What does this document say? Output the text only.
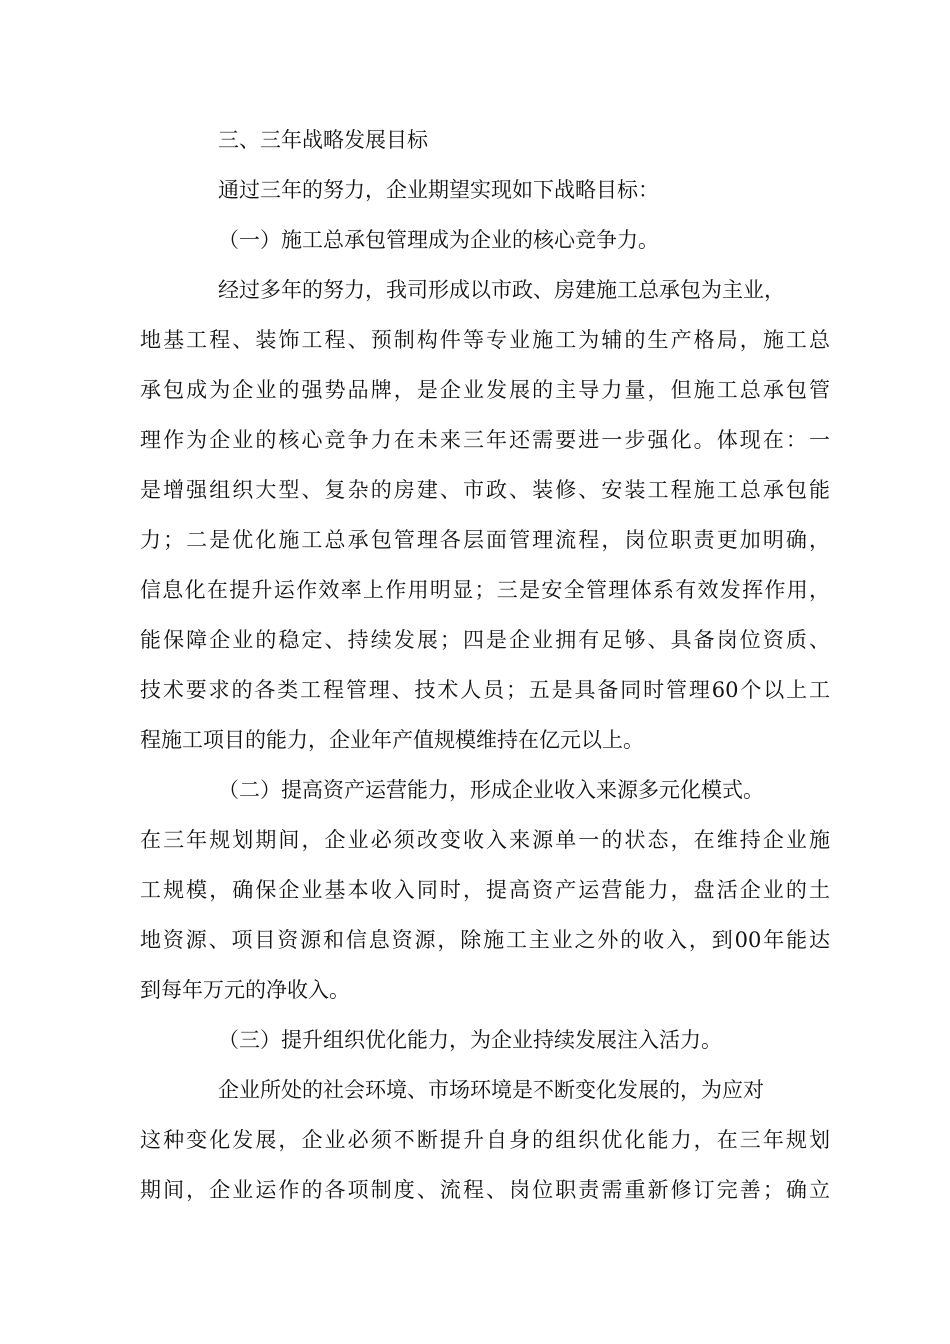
三、三年战略发展目标
通过三年的努力，企业期望实现如下战略目标：
（一）施工总承包管理成为企业的核心竞争力。
经过多年的努力，我司形成以市政、房建施工总承包为主业，
地基工程、装饰工程、预制构件等专业施工为辅的生产格局，施工总
承包成为企业的强势品牌，是企业发展的主导力量，但施工总承包管
理作为企业的核心竞争力在未来三年还需要进一步强化。体现在：一
是增强组织大型、复杂的房建、市政、装修、安装工程施工总承包能
力；二是优化施工总承包管理各层面管理流程，岗位职责更加明确，
信息化在提升运作效率上作用明显；三是安全管理体系有效发挥作用，
能保障企业的稳定、持续发展；四是企业拥有足够、具备岗位资质、
技术要求的各类工程管理、技术人员；五是具备同时管理60个以上工
程施工项目的能力，企业年产值规模维持在亿元以上。
（二）提高资产运营能力，形成企业收入来源多元化模式。
在三年规划期间，企业必须改变收入来源单一的状态，在维持企业施
工规模，确保企业基本收入同时，提高资产运营能力，盘活企业的土
地资源、项目资源和信息资源，除施工主业之外的收入，到00年能达
到每年万元的净收入。
（三）提升组织优化能力，为企业持续发展注入活力。
企业所处的社会环境、市场环境是不断变化发展的，为应对
这种变化发展，企业必须不断提升自身的组织优化能力，在三年规划
期间，企业运作的各项制度、流程、岗位职责需重新修订完善；确立
